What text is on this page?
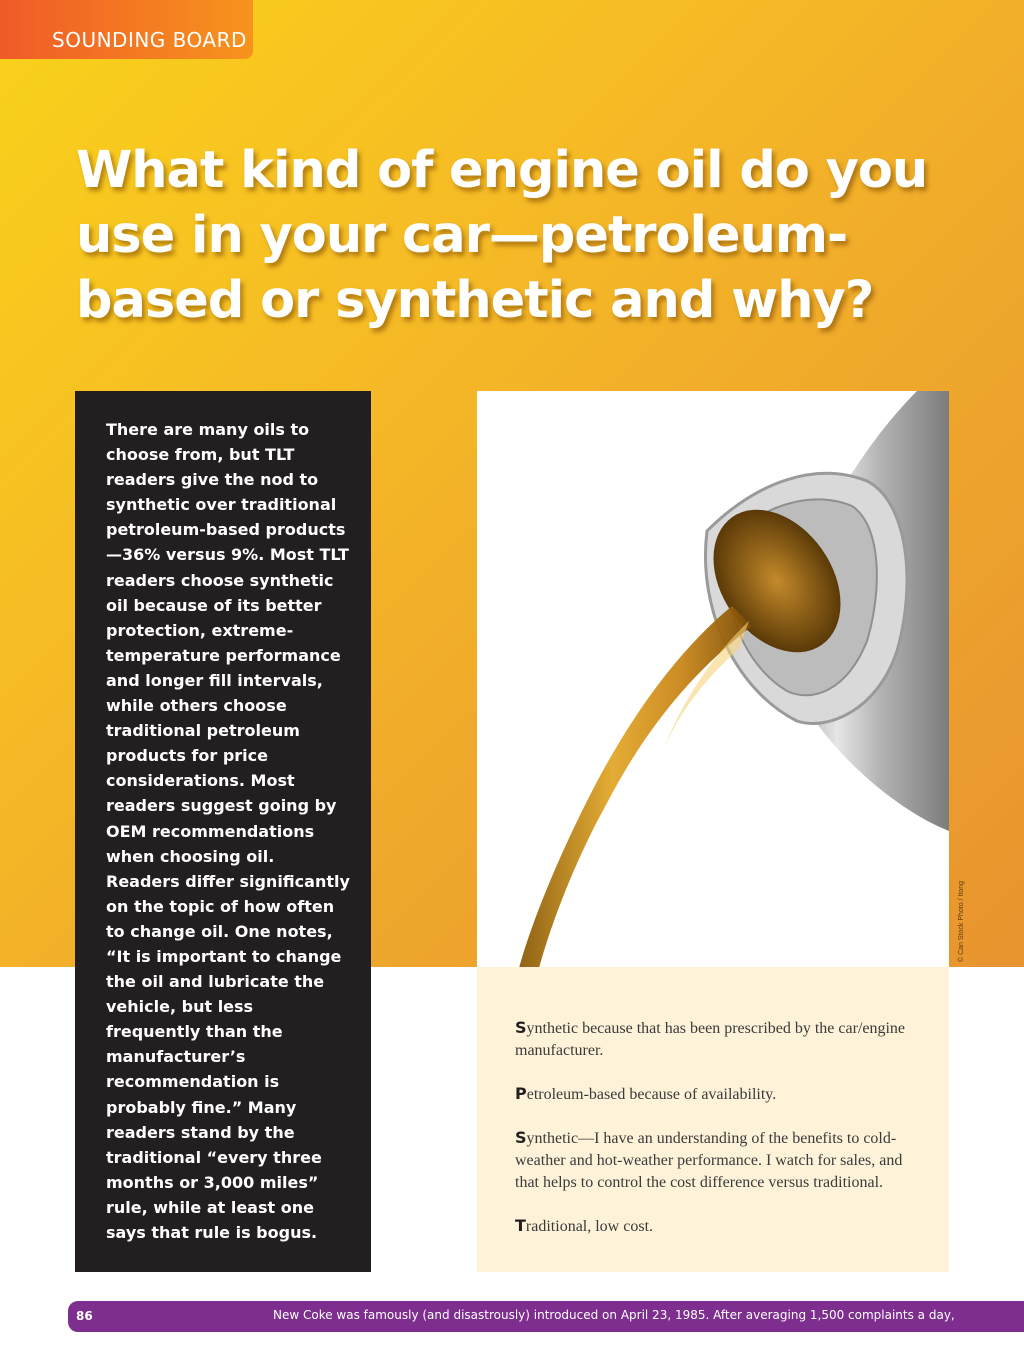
SOUNDING BOARD
What kind of engine oil do you use in your car—petroleum-based or synthetic and why?

There are many oils to choose from, but TLT readers give the nod to synthetic over traditional petroleum-based products—36% versus 9%. Most TLT readers choose synthetic oil because of its better protection, extreme-temperature performance and longer fill intervals, while others choose traditional petroleum products for price considerations. Most readers suggest going by OEM recommendations when choosing oil. Readers differ significantly on the topic of how often to change oil. One notes, “It is important to change the oil and lubricate the vehicle, but less frequently than the manufacturer’s recommendation is probably fine.” Many readers stand by the traditional “every three months or 3,000 miles” rule, while at least one says that rule is bogus.

© Can Stock Photo / Itong

Synthetic because that has been prescribed by the car/engine manufacturer.

Petroleum-based because of availability.

Synthetic—I have an understanding of the benefits to cold-weather and hot-weather performance. I watch for sales, and that helps to control the cost difference versus traditional.

Traditional, low cost.

86	New Coke was famously (and disastrously) introduced on April 23, 1985. After averaging 1,500 complaints a day,
